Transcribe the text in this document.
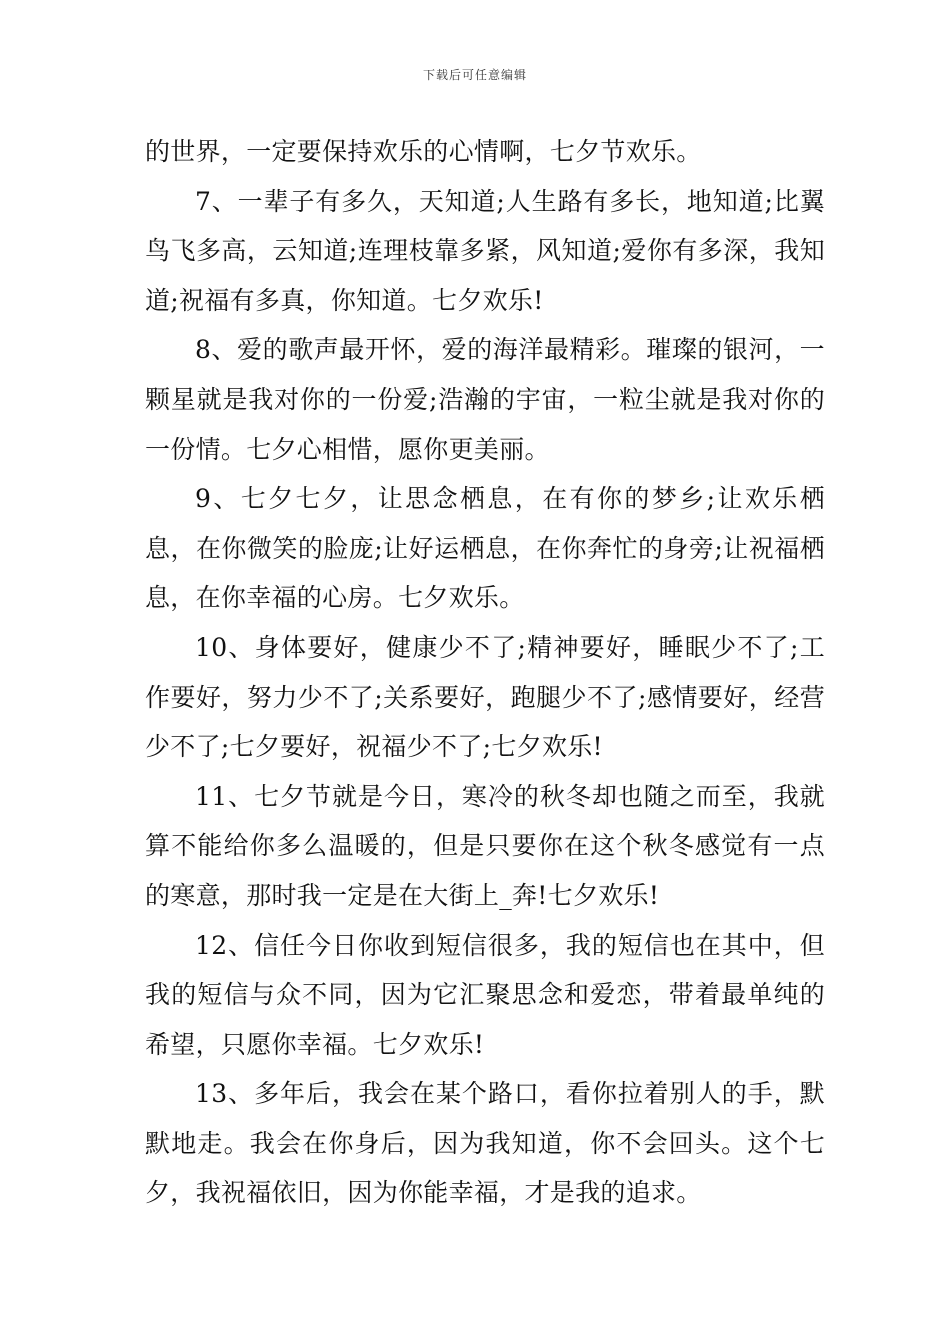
下载后可任意编辑

的世界，一定要保持欢乐的心情啊，七夕节欢乐。

7、一辈子有多久，天知道;人生路有多长，地知道;比翼鸟飞多高，云知道;连理枝靠多紧，风知道;爱你有多深，我知道;祝福有多真，你知道。七夕欢乐!

8、爱的歌声最开怀，爱的海洋最精彩。璀璨的银河，一颗星就是我对你的一份爱;浩瀚的宇宙，一粒尘就是我对你的一份情。七夕心相惜，愿你更美丽。

9、七夕七夕，让思念栖息，在有你的梦乡;让欢乐栖息，在你微笑的脸庞;让好运栖息，在你奔忙的身旁;让祝福栖息，在你幸福的心房。七夕欢乐。

10、身体要好，健康少不了;精神要好，睡眠少不了;工作要好，努力少不了;关系要好，跑腿少不了;感情要好，经营少不了;七夕要好，祝福少不了;七夕欢乐!

11、七夕节就是今日，寒冷的秋冬却也随之而至，我就算不能给你多么温暖的，但是只要你在这个秋冬感觉有一点的寒意，那时我一定是在大街上_奔!七夕欢乐!

12、信任今日你收到短信很多，我的短信也在其中，但我的短信与众不同，因为它汇聚思念和爱恋，带着最单纯的希望，只愿你幸福。七夕欢乐!

13、多年后，我会在某个路口，看你拉着别人的手，默默地走。我会在你身后，因为我知道，你不会回头。这个七夕，我祝福依旧，因为你能幸福，才是我的追求。
